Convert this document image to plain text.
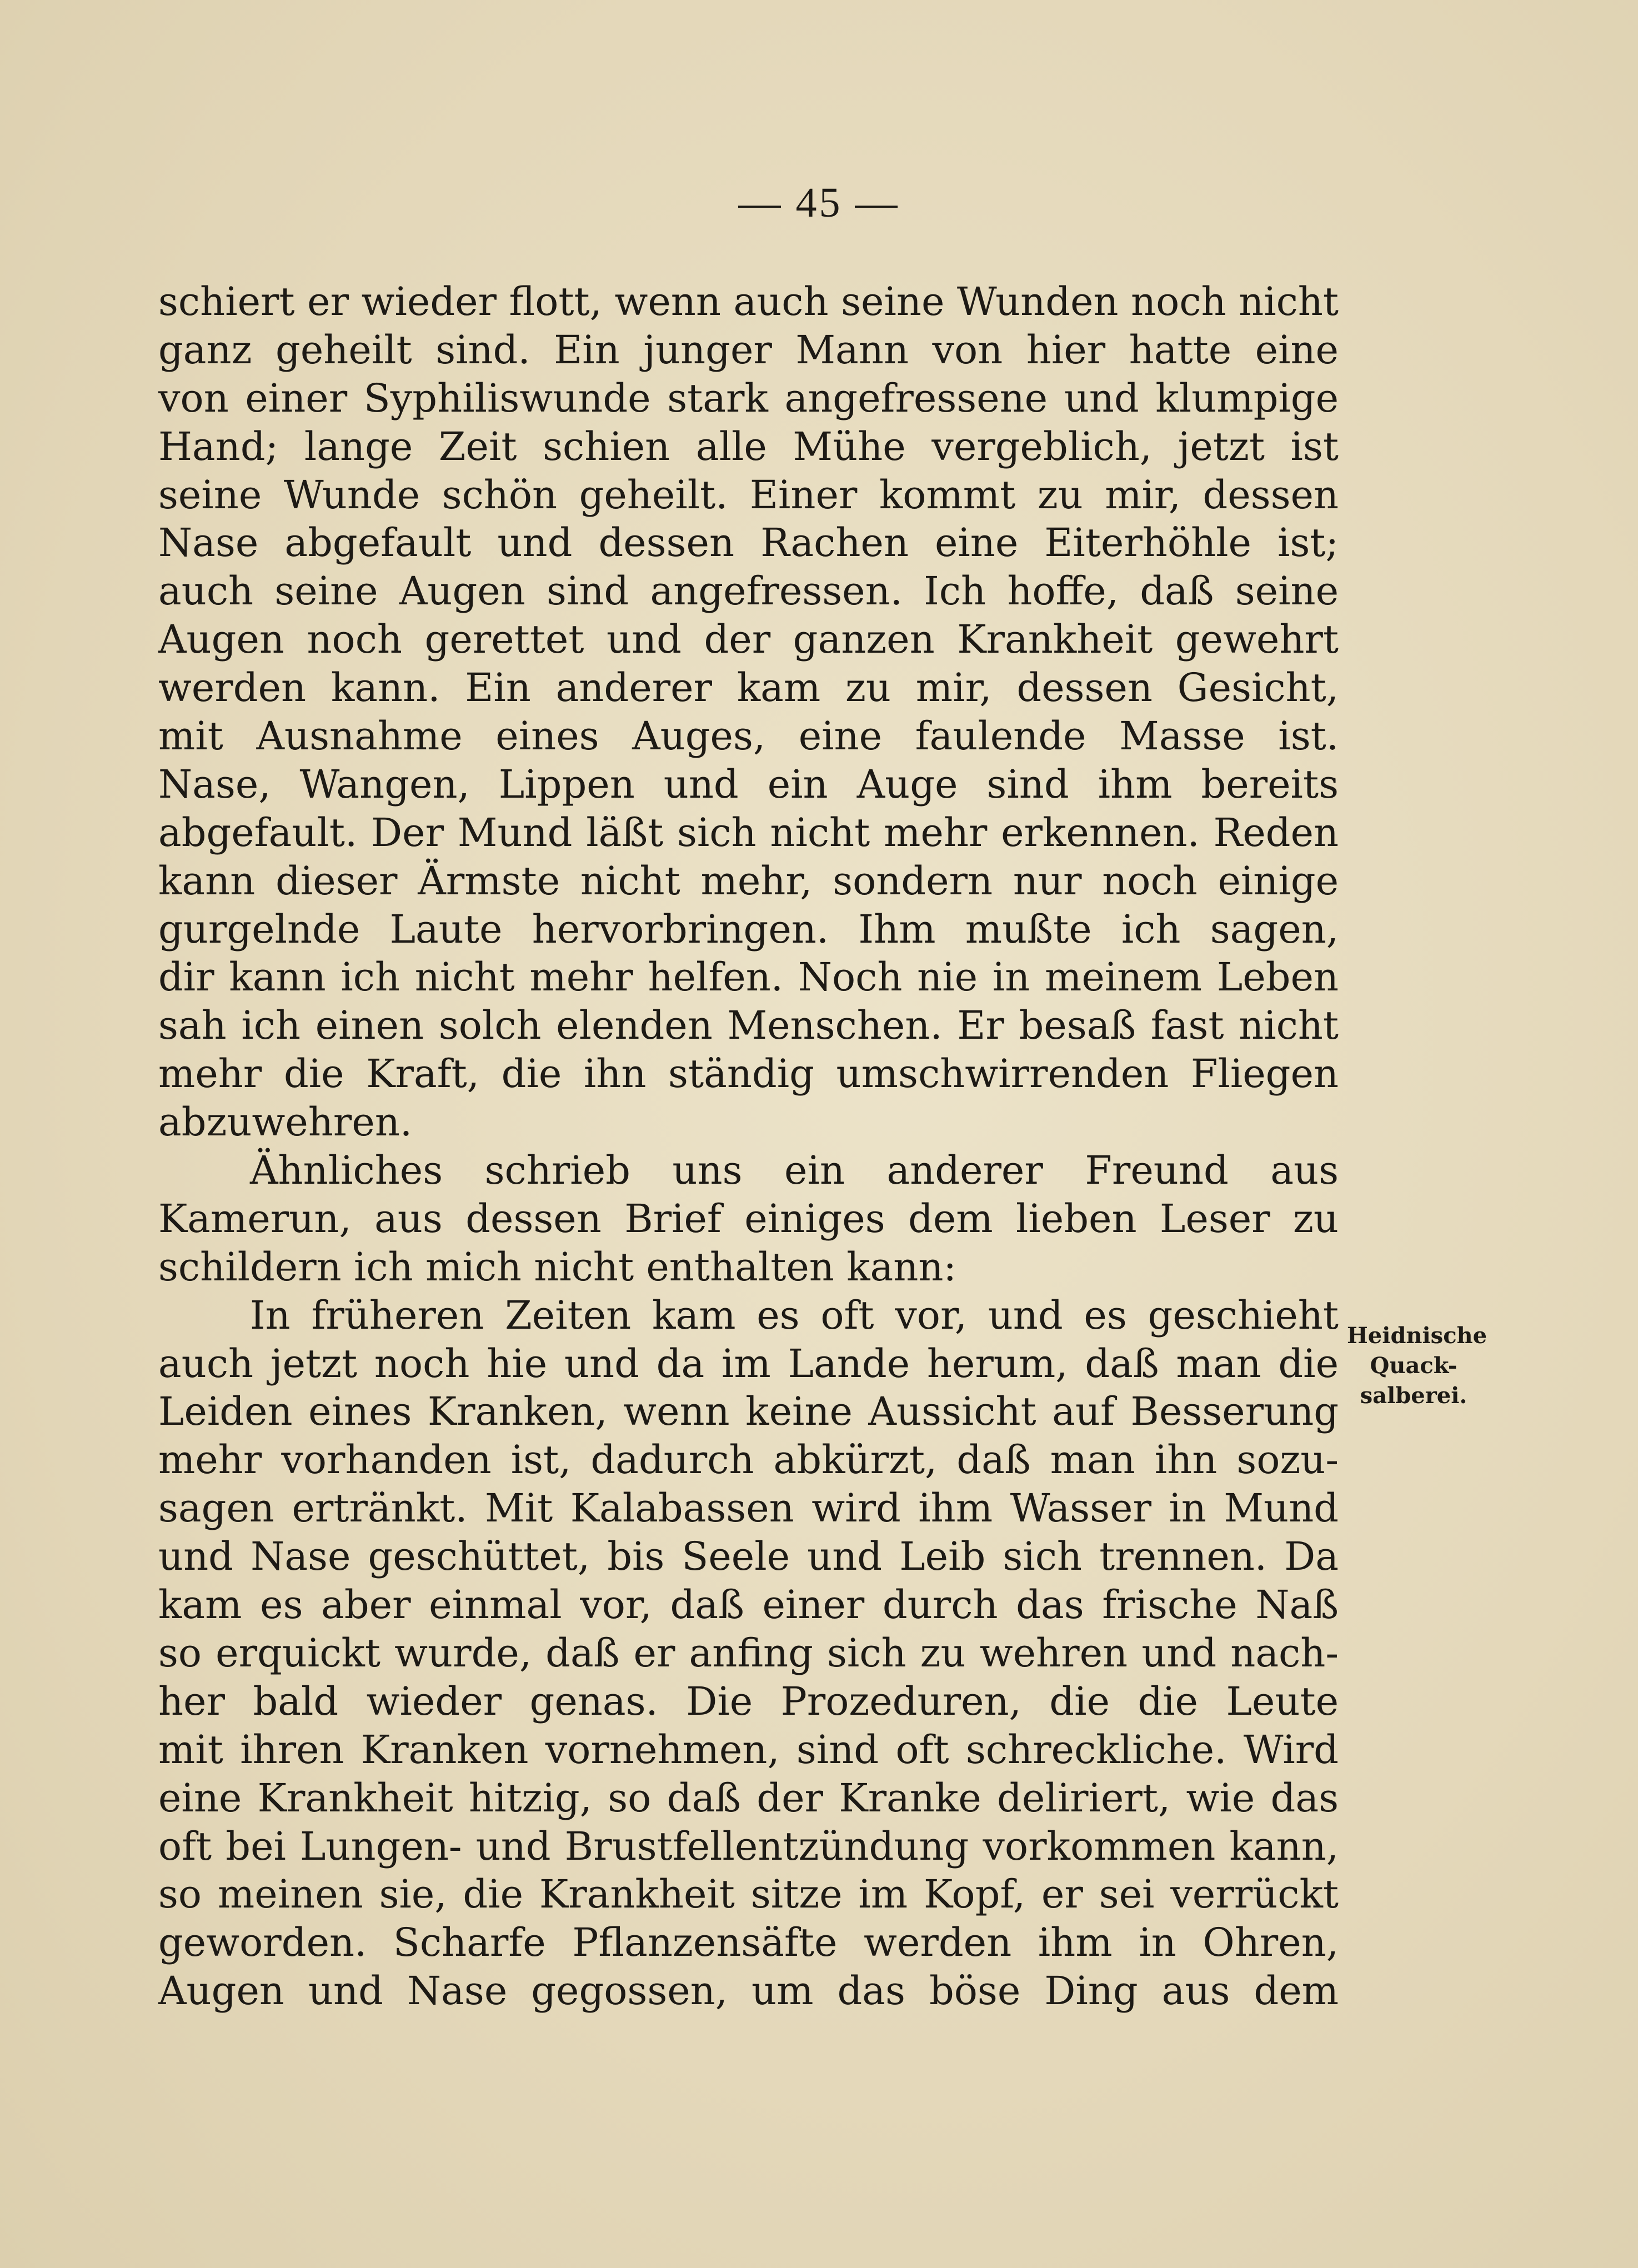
— 45 —
schiert er wieder flott, wenn auch seine Wunden noch nicht
ganz geheilt sind. Ein junger Mann von hier hatte eine
von einer Syphiliswunde stark angefressene und klumpige
Hand; lange Zeit schien alle Mühe vergeblich, jetzt ist
seine Wunde schön geheilt. Einer kommt zu mir, dessen
Nase abgefault und dessen Rachen eine Eiterhöhle ist;
auch seine Augen sind angefressen. Ich hoffe, daß seine
Augen noch gerettet und der ganzen Krankheit gewehrt
werden kann. Ein anderer kam zu mir, dessen Gesicht,
mit Ausnahme eines Auges, eine faulende Masse ist.
Nase, Wangen, Lippen und ein Auge sind ihm bereits
abgefault. Der Mund läßt sich nicht mehr erkennen. Reden
kann dieser Ärmste nicht mehr, sondern nur noch einige
gurgelnde Laute hervorbringen. Ihm mußte ich sagen,
dir kann ich nicht mehr helfen. Noch nie in meinem Leben
sah ich einen solch elenden Menschen. Er besaß fast nicht
mehr die Kraft, die ihn ständig umschwirrenden Fliegen
abzuwehren.
Ähnliches schrieb uns ein anderer Freund aus
Kamerun, aus dessen Brief einiges dem lieben Leser zu
schildern ich mich nicht enthalten kann:
In früheren Zeiten kam es oft vor, und es geschieht
auch jetzt noch hie und da im Lande herum, daß man die
Leiden eines Kranken, wenn keine Aussicht auf Besserung
mehr vorhanden ist, dadurch abkürzt, daß man ihn sozu-
sagen ertränkt. Mit Kalabassen wird ihm Wasser in Mund
und Nase geschüttet, bis Seele und Leib sich trennen. Da
kam es aber einmal vor, daß einer durch das frische Naß
so erquickt wurde, daß er anfing sich zu wehren und nach-
her bald wieder genas. Die Prozeduren, die die Leute
mit ihren Kranken vornehmen, sind oft schreckliche. Wird
eine Krankheit hitzig, so daß der Kranke deliriert, wie das
oft bei Lungen- und Brustfellentzündung vorkommen kann,
so meinen sie, die Krankheit sitze im Kopf, er sei verrückt
geworden. Scharfe Pflanzensäfte werden ihm in Ohren,
Augen und Nase gegossen, um das böse Ding aus dem
Heidnische
Quack-
salberei.
